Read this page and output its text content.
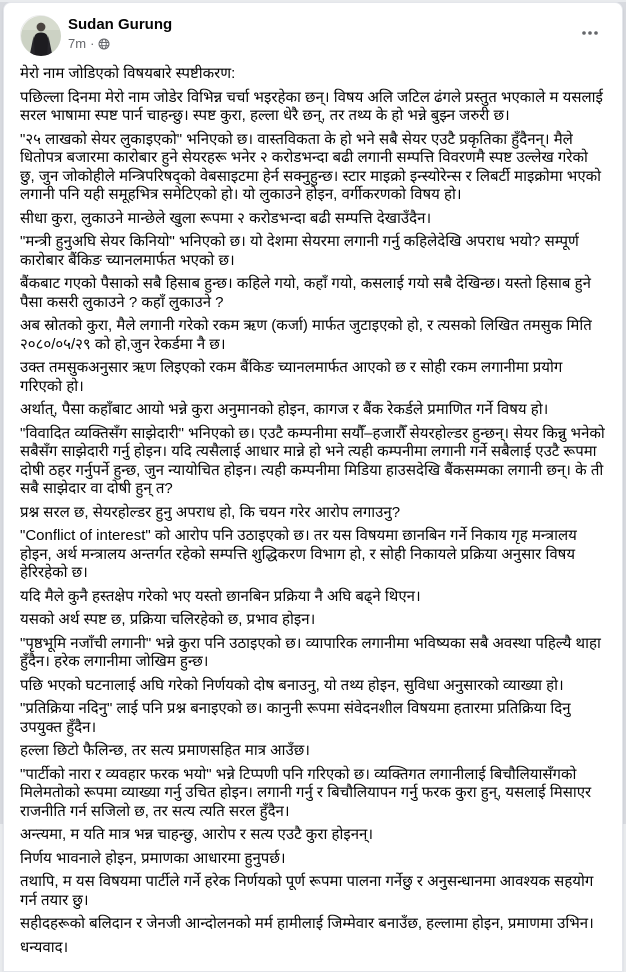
Sudan Gurung
7m ·

मेरो नाम जोडिएको विषयबारे स्पष्टीकरण:

पछिल्ला दिनमा मेरो नाम जोडेर विभिन्न चर्चा भइरहेका छन्। विषय अलि जटिल ढंगले प्रस्तुत भएकाले म यसलाई सरल भाषामा स्पष्ट पार्न चाहन्छु। स्पष्ट कुरा, हल्ला धेरै छन्, तर तथ्य के हो भन्ने बुझ्न जरुरी छ।

"२५ लाखको सेयर लुकाइएको" भनिएको छ। वास्तविकता के हो भने सबै सेयर एउटै प्रकृतिका हुँदैनन्। मैले धितोपत्र बजारमा कारोबार हुने सेयरहरू भनेर २ करोडभन्दा बढी लगानी सम्पत्ति विवरणमै स्पष्ट उल्लेख गरेको छु, जुन जोकोहीले मन्त्रिपरिषद्को वेबसाइटमा हेर्न सक्नुहुन्छ। स्टार माइक्रो इन्स्योरेन्स र लिबर्टी माइक्रोमा भएको लगानी पनि यही समूहभित्र समेटिएको हो। यो लुकाउने होइन, वर्गीकरणको विषय हो।

सीधा कुरा, लुकाउने मान्छेले खुला रूपमा २ करोडभन्दा बढी सम्पत्ति देखाउँदैन।

"मन्त्री हुनुअघि सेयर किनियो" भनिएको छ। यो देशमा सेयरमा लगानी गर्नु कहिलेदेखि अपराध भयो? सम्पूर्ण कारोबार बैंकिङ च्यानलमार्फत भएको छ।

बैंकबाट गएको पैसाको सबै हिसाब हुन्छ। कहिले गयो, कहाँ गयो, कसलाई गयो सबै देखिन्छ। यस्तो हिसाब हुने पैसा कसरी लुकाउने ? कहाँ लुकाउने ?

अब स्रोतको कुरा, मैले लगानी गरेको रकम ऋण (कर्जा) मार्फत जुटाइएको हो, र त्यसको लिखित तमसुक मिति २०८०/०५/२९ को हो,जुन रेकर्डमा नै छ।

उक्त तमसुकअनुसार ऋण लिइएको रकम बैंकिङ च्यानलमार्फत आएको छ र सोही रकम लगानीमा प्रयोग गरिएको हो।

अर्थात्, पैसा कहाँबाट आयो भन्ने कुरा अनुमानको होइन, कागज र बैंक रेकर्डले प्रमाणित गर्ने विषय हो।

"विवादित व्यक्तिसँग साझेदारी" भनिएको छ। एउटै कम्पनीमा सयौँ–हजारौँ सेयरहोल्डर हुन्छन्। सेयर किन्नु भनेको सबैसँग साझेदारी गर्नु होइन। यदि त्यसैलाई आधार मान्ने हो भने त्यही कम्पनीमा लगानी गर्ने सबैलाई एउटै रूपमा दोषी ठहर गर्नुपर्ने हुन्छ, जुन न्यायोचित होइन। त्यही कम्पनीमा मिडिया हाउसदेखि बैंकसम्मका लगानी छन्। के ती सबै साझेदार वा दोषी हुन् त?

प्रश्न सरल छ, सेयरहोल्डर हुनु अपराध हो, कि चयन गरेर आरोप लगाउनु?

"Conflict of interest" को आरोप पनि उठाइएको छ। तर यस विषयमा छानबिन गर्ने निकाय गृह मन्त्रालय होइन, अर्थ मन्त्रालय अन्तर्गत रहेको सम्पत्ति शुद्धिकरण विभाग हो, र सोही निकायले प्रक्रिया अनुसार विषय हेरिरहेको छ।

यदि मैले कुनै हस्तक्षेप गरेको भए यस्तो छानबिन प्रक्रिया नै अघि बढ्ने थिएन।

यसको अर्थ स्पष्ट छ, प्रक्रिया चलिरहेको छ, प्रभाव होइन।

"पृष्ठभूमि नजाँची लगानी" भन्ने कुरा पनि उठाइएको छ। व्यापारिक लगानीमा भविष्यका सबै अवस्था पहिल्यै थाहा हुँदैन। हरेक लगानीमा जोखिम हुन्छ।

पछि भएको घटनालाई अघि गरेको निर्णयको दोष बनाउनु, यो तथ्य होइन, सुविधा अनुसारको व्याख्या हो।

"प्रतिक्रिया नदिनु" लाई पनि प्रश्न बनाइएको छ। कानुनी रूपमा संवेदनशील विषयमा हतारमा प्रतिक्रिया दिनु उपयुक्त हुँदैन।

हल्ला छिटो फैलिन्छ, तर सत्य प्रमाणसहित मात्र आउँछ।

"पार्टीको नारा र व्यवहार फरक भयो" भन्ने टिप्पणी पनि गरिएको छ। व्यक्तिगत लगानीलाई बिचौलियासँगको मिलेमतोको रूपमा व्याख्या गर्नु उचित होइन। लगानी गर्नु र बिचौलियापन गर्नु फरक कुरा हुन्, यसलाई मिसाएर राजनीति गर्न सजिलो छ, तर सत्य त्यति सरल हुँदैन।

अन्त्यमा, म यति मात्र भन्न चाहन्छु, आरोप र सत्य एउटै कुरा होइनन्।

निर्णय भावनाले होइन, प्रमाणका आधारमा हुनुपर्छ।

तथापि, म यस विषयमा पार्टीले गर्ने हरेक निर्णयको पूर्ण रूपमा पालना गर्नेछु र अनुसन्धानमा आवश्यक सहयोग गर्न तयार छु।

सहीदहरूको बलिदान र जेनजी आन्दोलनको मर्म हामीलाई जिम्मेवार बनाउँछ, हल्लामा होइन, प्रमाणमा उभिन।

धन्यवाद।
